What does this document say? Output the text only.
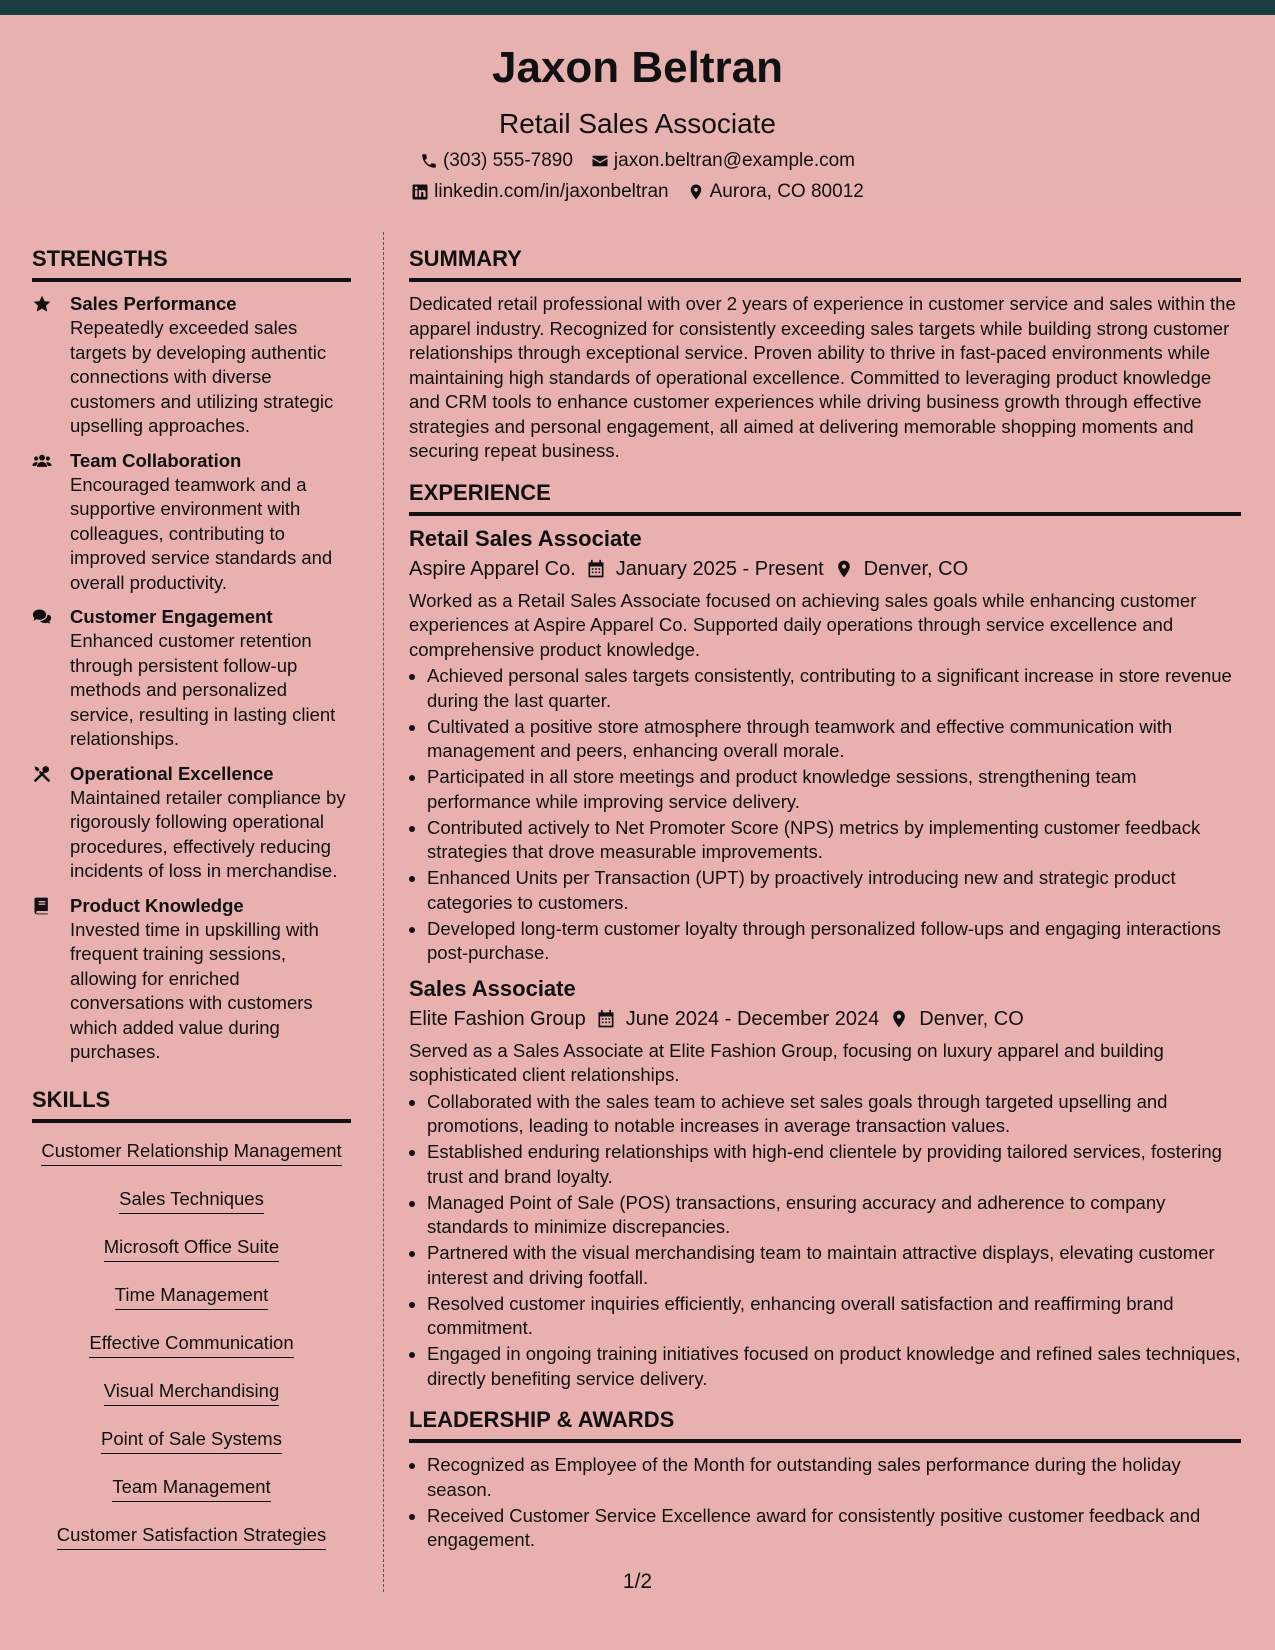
Jaxon Beltran
Retail Sales Associate
(303) 555-7890 jaxon.beltran@example.com
linkedin.com/in/jaxonbeltran Aurora, CO 80012
STRENGTHS
Sales Performance
Repeatedly exceeded sales targets by developing authentic connections with diverse customers and utilizing strategic upselling approaches.
Team Collaboration
Encouraged teamwork and a supportive environment with colleagues, contributing to improved service standards and overall productivity.
Customer Engagement
Enhanced customer retention through persistent follow-up methods and personalized service, resulting in lasting client relationships.
Operational Excellence
Maintained retailer compliance by rigorously following operational procedures, effectively reducing incidents of loss in merchandise.
Product Knowledge
Invested time in upskilling with frequent training sessions, allowing for enriched conversations with customers which added value during purchases.
SKILLS
Customer Relationship Management
Sales Techniques
Microsoft Office Suite
Time Management
Effective Communication
Visual Merchandising
Point of Sale Systems
Team Management
Customer Satisfaction Strategies
SUMMARY
Dedicated retail professional with over 2 years of experience in customer service and sales within the apparel industry. Recognized for consistently exceeding sales targets while building strong customer relationships through exceptional service. Proven ability to thrive in fast-paced environments while maintaining high standards of operational excellence. Committed to leveraging product knowledge and CRM tools to enhance customer experiences while driving business growth through effective strategies and personal engagement, all aimed at delivering memorable shopping moments and securing repeat business.
EXPERIENCE
Retail Sales Associate
Aspire Apparel Co. January 2025 - Present Denver, CO
Worked as a Retail Sales Associate focused on achieving sales goals while enhancing customer experiences at Aspire Apparel Co. Supported daily operations through service excellence and comprehensive product knowledge.
• Achieved personal sales targets consistently, contributing to a significant increase in store revenue during the last quarter.
• Cultivated a positive store atmosphere through teamwork and effective communication with management and peers, enhancing overall morale.
• Participated in all store meetings and product knowledge sessions, strengthening team performance while improving service delivery.
• Contributed actively to Net Promoter Score (NPS) metrics by implementing customer feedback strategies that drove measurable improvements.
• Enhanced Units per Transaction (UPT) by proactively introducing new and strategic product categories to customers.
• Developed long-term customer loyalty through personalized follow-ups and engaging interactions post-purchase.
Sales Associate
Elite Fashion Group June 2024 - December 2024 Denver, CO
Served as a Sales Associate at Elite Fashion Group, focusing on luxury apparel and building sophisticated client relationships.
• Collaborated with the sales team to achieve set sales goals through targeted upselling and promotions, leading to notable increases in average transaction values.
• Established enduring relationships with high-end clientele by providing tailored services, fostering trust and brand loyalty.
• Managed Point of Sale (POS) transactions, ensuring accuracy and adherence to company standards to minimize discrepancies.
• Partnered with the visual merchandising team to maintain attractive displays, elevating customer interest and driving footfall.
• Resolved customer inquiries efficiently, enhancing overall satisfaction and reaffirming brand commitment.
• Engaged in ongoing training initiatives focused on product knowledge and refined sales techniques, directly benefiting service delivery.
LEADERSHIP & AWARDS
• Recognized as Employee of the Month for outstanding sales performance during the holiday season.
• Received Customer Service Excellence award for consistently positive customer feedback and engagement.
1/2
